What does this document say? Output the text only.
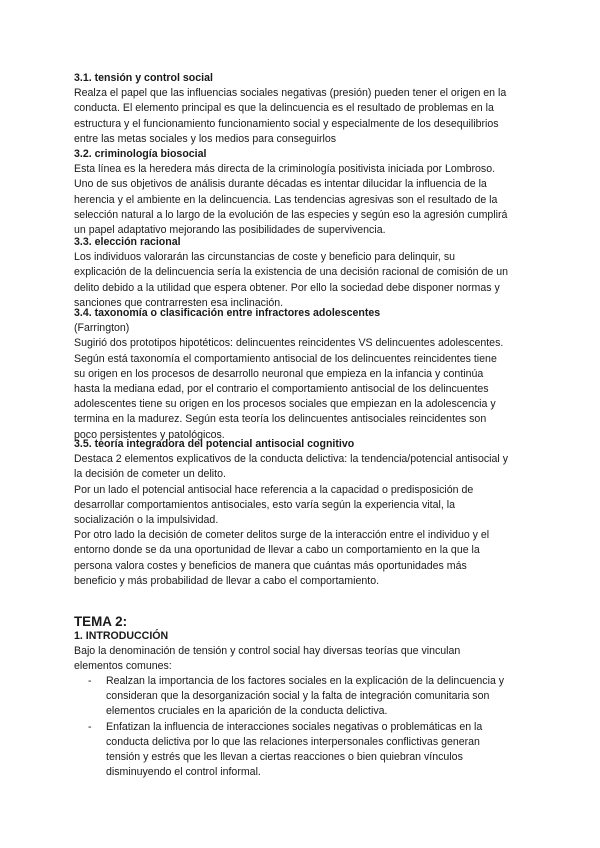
3.1. tensión y control social
Realza el papel que las influencias sociales negativas (presión) pueden tener el origen en la
conducta. El elemento principal es que la delincuencia es el resultado de problemas en la
estructura y el funcionamiento funcionamiento social y especialmente de los desequilibrios
entre las metas sociales y los medios para conseguirlos
3.2. criminología biosocial
Esta línea es la heredera más directa de la criminología positivista iniciada por Lombroso.
Uno de sus objetivos de análisis durante décadas es intentar dilucidar la influencia de la
herencia y el ambiente en la delincuencia. Las tendencias agresivas son el resultado de la
selección natural a lo largo de la evolución de las especies y según eso la agresión cumplirá
un papel adaptativo mejorando las posibilidades de supervivencia.
3.3. elección racional
Los individuos valorarán las circunstancias de coste y beneficio para delinquir, su
explicación de la delincuencia sería la existencia de una decisión racional de comisión de un
delito debido a la utilidad que espera obtener. Por ello la sociedad debe disponer normas y
sanciones que contrarresten esa inclinación.
3.4. taxonomía o clasificación entre infractores adolescentes
(Farrington)
Sugirió dos prototipos hipotéticos: delincuentes reincidentes VS delincuentes adolescentes.
Según está taxonomía el comportamiento antisocial de los delincuentes reincidentes tiene
su origen en los procesos de desarrollo neuronal que empieza en la infancia y continúa
hasta la mediana edad, por el contrario el comportamiento antisocial de los delincuentes
adolescentes tiene su origen en los procesos sociales que empiezan en la adolescencia y
termina en la madurez. Según esta teoría los delincuentes antisociales reincidentes son
poco persistentes y patológicos.
3.5. teoría integradora del potencial antisocial cognitivo
Destaca 2 elementos explicativos de la conducta delictiva: la tendencia/potencial antisocial y
la decisión de cometer un delito.
Por un lado el potencial antisocial hace referencia a la capacidad o predisposición de
desarrollar comportamientos antisociales, esto varía según la experiencia vital, la
socialización o la impulsividad.
Por otro lado la decisión de cometer delitos surge de la interacción entre el individuo y el
entorno donde se da una oportunidad de llevar a cabo un comportamiento en la que la
persona valora costes y beneficios de manera que cuántas más oportunidades más
beneficio y más probabilidad de llevar a cabo el comportamiento.
TEMA 2:
1. INTRODUCCIÓN
Bajo la denominación de tensión y control social hay diversas teorías que vinculan
elementos comunes:
- Realzan la importancia de los factores sociales en la explicación de la delincuencia y
consideran que la desorganización social y la falta de integración comunitaria son
elementos cruciales en la aparición de la conducta delictiva.
- Enfatizan la influencia de interacciones sociales negativas o problemáticas en la
conducta delictiva por lo que las relaciones interpersonales conflictivas generan
tensión y estrés que les llevan a ciertas reacciones o bien quiebran vínculos
disminuyendo el control informal.
